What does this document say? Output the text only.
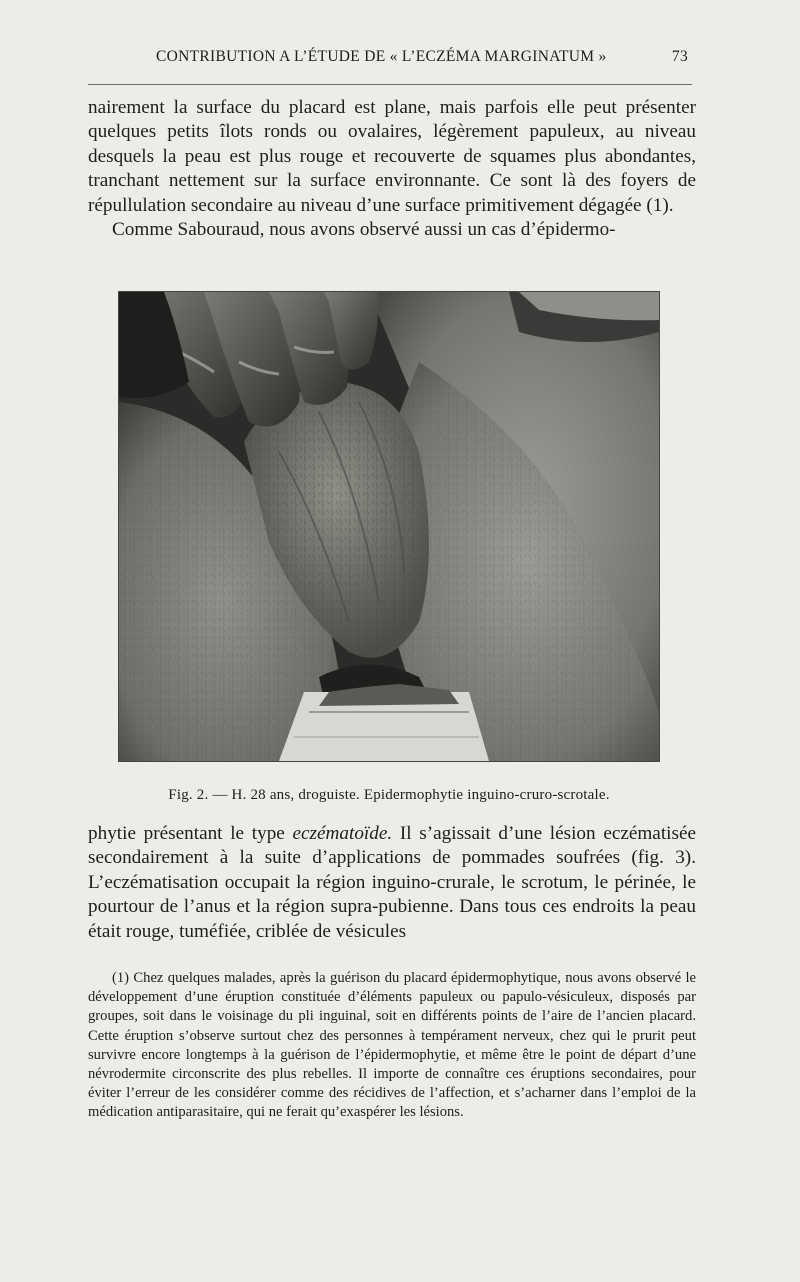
CONTRIBUTION A L’ÉTUDE DE « L’ECZÉMA MARGINATUM »	73

nairement la surface du placard est plane, mais parfois elle peut présenter quelques petits îlots ronds ou ovalaires, légèrement papuleux, au niveau desquels la peau est plus rouge et recouverte de squames plus abondantes, tranchant nettement sur la surface environnante. Ce sont là des foyers de répullulation secondaire au niveau d’une surface primitivement dégagée (1).

Comme Sabouraud, nous avons observé aussi un cas d’épidermo-

Fig. 2. — H. 28 ans, droguiste. Epidermophytie inguino-cruro-scrotale.

phytie présentant le type eczématoïde. Il s’agissait d’une lésion eczématisée secondairement à la suite d’applications de pommades soufrées (fig. 3). L’eczématisation occupait la région inguino-crurale, le scrotum, le périnée, le pourtour de l’anus et la région supra-pubienne. Dans tous ces endroits la peau était rouge, tuméfiée, criblée de vésicules

(1) Chez quelques malades, après la guérison du placard épidermophytique, nous avons observé le développement d’une éruption constituée d’éléments papuleux ou papulo-vésiculeux, disposés par groupes, soit dans le voisinage du pli inguinal, soit en différents points de l’aire de l’ancien placard. Cette éruption s’observe surtout chez des personnes à tempérament nerveux, chez qui le prurit peut survivre encore longtemps à la guérison de l’épidermophytie, et même être le point de départ d’une névrodermite circonscrite des plus rebelles. Il importe de connaître ces éruptions secondaires, pour éviter l’erreur de les considérer comme des récidives de l’affection, et s’acharner dans l’emploi de la médication antiparasitaire, qui ne ferait qu’exaspérer les lésions.
